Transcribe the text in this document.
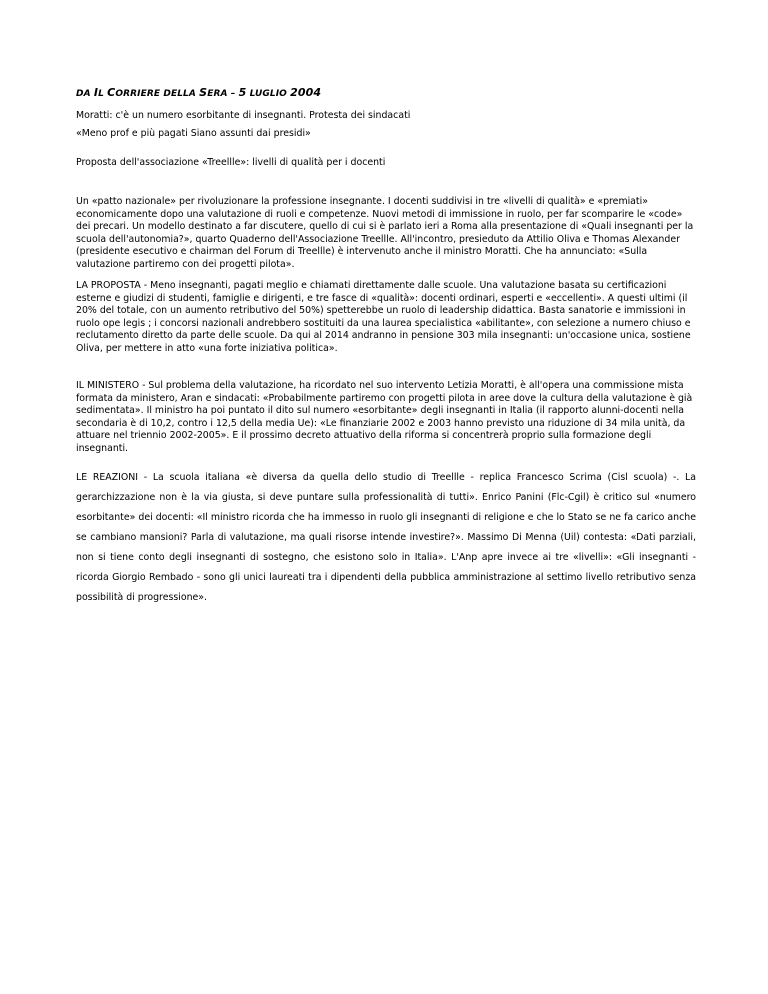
DA IL CORRIERE DELLA SERA – 5 LUGLIO 2004
Moratti: c'è un numero esorbitante di insegnanti. Protesta dei sindacati
«Meno prof e più pagati Siano assunti dai presidi»
Proposta dell'associazione «Treellle»: livelli di qualità per i docenti
Un «patto nazionale» per rivoluzionare la professione insegnante. I docenti suddivisi in tre «livelli di qualità» e «premiati» economicamente dopo una valutazione di ruoli e competenze. Nuovi metodi di immissione in ruolo, per far scomparire le «code» dei precari. Un modello destinato a far discutere, quello di cui si è parlato ieri a Roma alla presentazione di «Quali insegnanti per la scuola dell'autonomia?», quarto Quaderno dell'Associazione Treellle. All'incontro, presieduto da Attilio Oliva e Thomas Alexander (presidente esecutivo e chairman del Forum di Treellle) è intervenuto anche il ministro Moratti. Che ha annunciato: «Sulla valutazione partiremo con dei progetti pilota».
LA PROPOSTA - Meno insegnanti, pagati meglio e chiamati direttamente dalle scuole. Una valutazione basata su certificazioni esterne e giudizi di studenti, famiglie e dirigenti, e tre fasce di «qualità»: docenti ordinari, esperti e «eccellenti». A questi ultimi (il 20% del totale, con un aumento retributivo del 50%) spetterebbe un ruolo di leadership didattica. Basta sanatorie e immissioni in ruolo ope legis ; i concorsi nazionali andrebbero sostituiti da una laurea specialistica «abilitante», con selezione a numero chiuso e reclutamento diretto da parte delle scuole. Da qui al 2014 andranno in pensione 303 mila insegnanti: un'occasione unica, sostiene Oliva, per mettere in atto «una forte iniziativa politica».
IL MINISTERO - Sul problema della valutazione, ha ricordato nel suo intervento Letizia Moratti, è all'opera una commissione mista formata da ministero, Aran e sindacati: «Probabilmente partiremo con progetti pilota in aree dove la cultura della valutazione è già sedimentata». Il ministro ha poi puntato il dito sul numero «esorbitante» degli insegnanti in Italia (il rapporto alunni-docenti nella secondaria è di 10,2, contro i 12,5 della media Ue): «Le finanziarie 2002 e 2003 hanno previsto una riduzione di 34 mila unità, da attuare nel triennio 2002-2005». E il prossimo decreto attuativo della riforma si concentrerà proprio sulla formazione degli insegnanti.
LE REAZIONI - La scuola italiana «è diversa da quella dello studio di Treellle - replica Francesco Scrima (Cisl scuola) -. La gerarchizzazione non è la via giusta, si deve puntare sulla professionalità di tutti». Enrico Panini (Flc-Cgil) è critico sul «numero esorbitante» dei docenti: «Il ministro ricorda che ha immesso in ruolo gli insegnanti di religione e che lo Stato se ne fa carico anche se cambiano mansioni? Parla di valutazione, ma quali risorse intende investire?». Massimo Di Menna (Uil) contesta: «Dati parziali, non si tiene conto degli insegnanti di sostegno, che esistono solo in Italia». L'Anp apre invece ai tre «livelli»: «Gli insegnanti - ricorda Giorgio Rembado - sono gli unici laureati tra i dipendenti della pubblica amministrazione al settimo livello retributivo senza possibilità di progressione».
